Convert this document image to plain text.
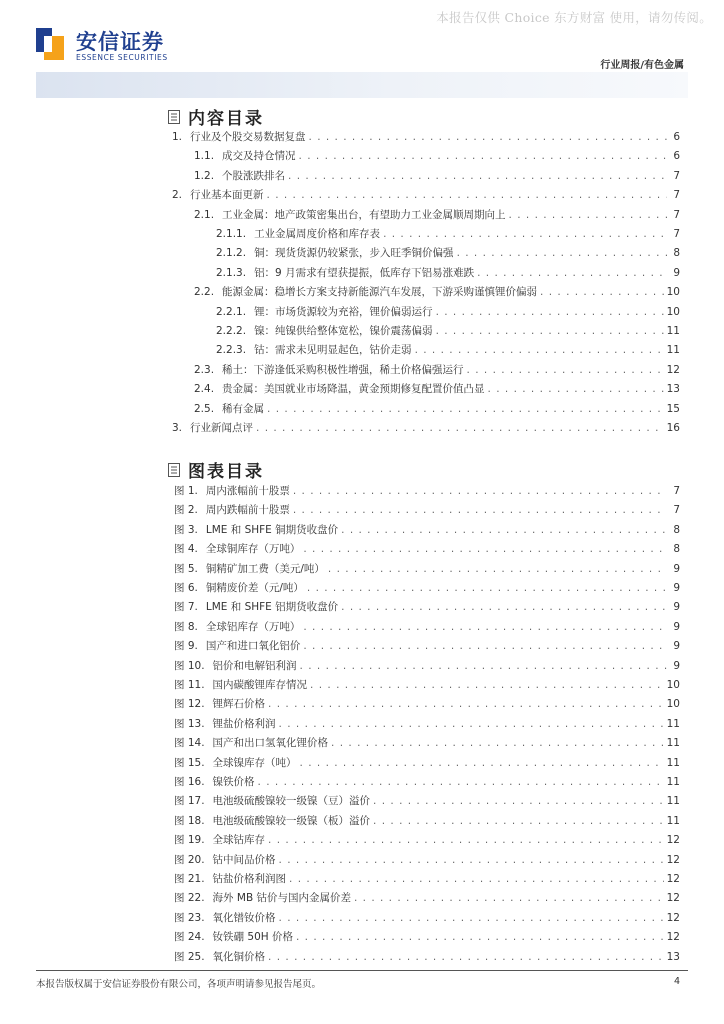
本报告仅供 Choice 东方财富 使用，请勿传阅。
安信证券
ESSENCE SECURITIES
行业周报/有色金属
内容目录
1. 行业及个股交易数据复盘 . . .	6
1.1. 成交及持仓情况 . . .	6
1.2. 个股涨跌排名 . . .	7
2. 行业基本面更新 . . .	7
2.1. 工业金属：地产政策密集出台，有望助力工业金属顺周期向上 . . .	7
2.1.1. 工业金属周度价格和库存表 . . .	7
2.1.2. 铜：现货货源仍较紧张，步入旺季铜价偏强 . . .	8
2.1.3. 铝：9 月需求有望获提振，低库存下铝易涨难跌 . . .	9
2.2. 能源金属：稳增长方案支持新能源汽车发展，下游采购谨慎锂价偏弱 . . .	10
2.2.1. 锂：市场货源较为充裕，锂价偏弱运行 . . .	10
2.2.2. 镍：纯镍供给整体宽松，镍价震荡偏弱 . . .	11
2.2.3. 钴：需求未见明显起色，钴价走弱 . . .	11
2.3. 稀土：下游逢低采购积极性增强，稀土价格偏强运行 . . .	12
2.4. 贵金属：美国就业市场降温，黄金预期修复配置价值凸显 . . .	13
2.5. 稀有金属 . . .	15
3. 行业新闻点评 . . .	16
图表目录
图 1. 周内涨幅前十股票 . . .	7
图 2. 周内跌幅前十股票 . . .	7
图 3. LME 和 SHFE 铜期货收盘价 . . .	8
图 4. 全球铜库存（万吨） . . .	8
图 5. 铜精矿加工费（美元/吨） . . .	9
图 6. 铜精废价差（元/吨） . . .	9
图 7. LME 和 SHFE 铝期货收盘价 . . .	9
图 8. 全球铝库存（万吨） . . .	9
图 9. 国产和进口氧化铝价 . . .	9
图 10. 铝价和电解铝利润 . . .	9
图 11. 国内碳酸锂库存情况 . . .	10
图 12. 锂辉石价格 . . .	10
图 13. 锂盐价格利润 . . .	11
图 14. 国产和出口氢氧化锂价格 . . .	11
图 15. 全球镍库存（吨） . . .	11
图 16. 镍铁价格 . . .	11
图 17. 电池级硫酸镍较一级镍（豆）溢价 . . .	11
图 18. 电池级硫酸镍较一级镍（板）溢价 . . .	11
图 19. 全球钴库存 . . .	12
图 20. 钴中间品价格 . . .	12
图 21. 钴盐价格利润图 . . .	12
图 22. 海外 MB 钴价与国内金属价差 . . .	12
图 23. 氧化镨钕价格 . . .	12
图 24. 钕铁硼 50H 价格 . . .	12
图 25. 氧化铜价格 . . .	13
本报告版权属于安信证券股份有限公司，各项声明请参见报告尾页。	4
